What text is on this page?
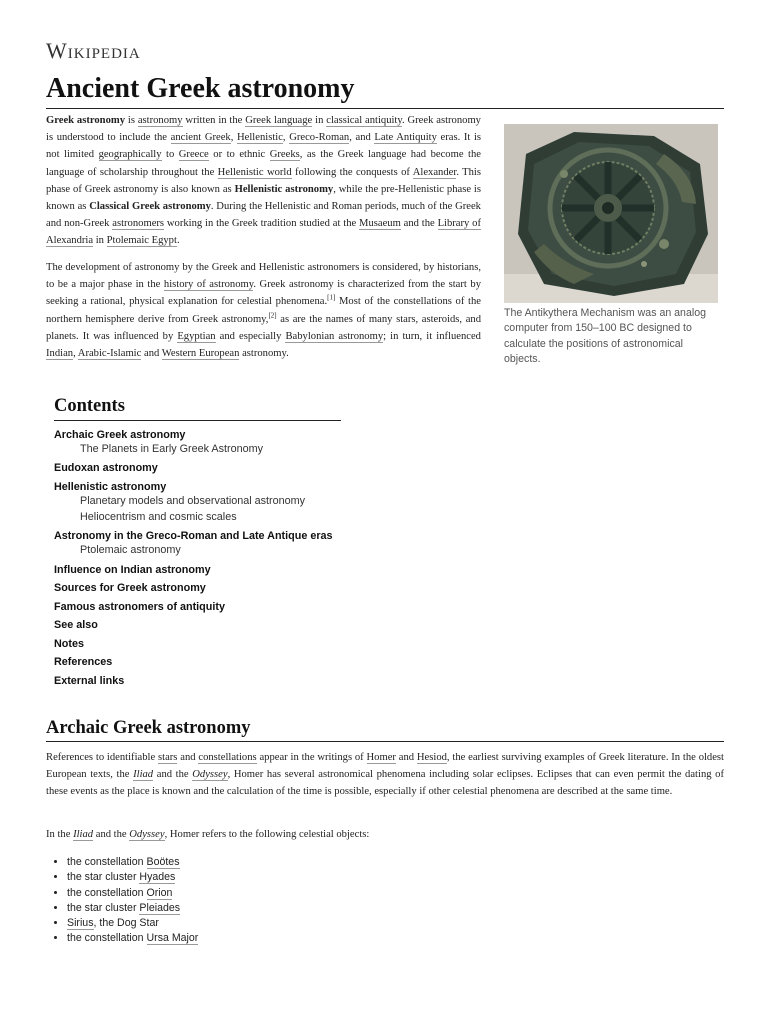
Wikipedia
Ancient Greek astronomy

Greek astronomy is astronomy written in the Greek language in classical antiquity. Greek astronomy is understood to include the ancient Greek, Hellenistic, Greco-Roman, and Late Antiquity eras. It is not limited geographically to Greece or to ethnic Greeks, as the Greek language had become the language of scholarship throughout the Hellenistic world following the conquests of Alexander. This phase of Greek astronomy is also known as Hellenistic astronomy, while the pre-Hellenistic phase is known as Classical Greek astronomy. During the Hellenistic and Roman periods, much of the Greek and non-Greek astronomers working in the Greek tradition studied at the Musaeum and the Library of Alexandria in Ptolemaic Egypt.

The development of astronomy by the Greek and Hellenistic astronomers is considered, by historians, to be a major phase in the history of astronomy. Greek astronomy is characterized from the start by seeking a rational, physical explanation for celestial phenomena.[1] Most of the constellations of the northern hemisphere derive from Greek astronomy,[2] as are the names of many stars, asteroids, and planets. It was influenced by Egyptian and especially Babylonian astronomy; in turn, it influenced Indian, Arabic-Islamic and Western European astronomy.

The Antikythera Mechanism was an analog computer from 150–100 BC designed to calculate the positions of astronomical objects.
Contents
Archaic Greek astronomy
The Planets in Early Greek Astronomy
Eudoxan astronomy
Hellenistic astronomy
Planetary models and observational astronomy
Heliocentrism and cosmic scales
Astronomy in the Greco-Roman and Late Antique eras
Ptolemaic astronomy
Influence on Indian astronomy
Sources for Greek astronomy
Famous astronomers of antiquity
See also
Notes
References
External links
Archaic Greek astronomy

References to identifiable stars and constellations appear in the writings of Homer and Hesiod, the earliest surviving examples of Greek literature. In the oldest European texts, the Iliad and the Odyssey, Homer has several astronomical phenomena including solar eclipses. Eclipses that can even permit the dating of these events as the place is known and the calculation of the time is possible, especially if other celestial phenomena are described at the same time.

In the Iliad and the Odyssey, Homer refers to the following celestial objects:

• the constellation Boötes
• the star cluster Hyades
• the constellation Orion
• the star cluster Pleiades
• Sirius, the Dog Star
• the constellation Ursa Major
